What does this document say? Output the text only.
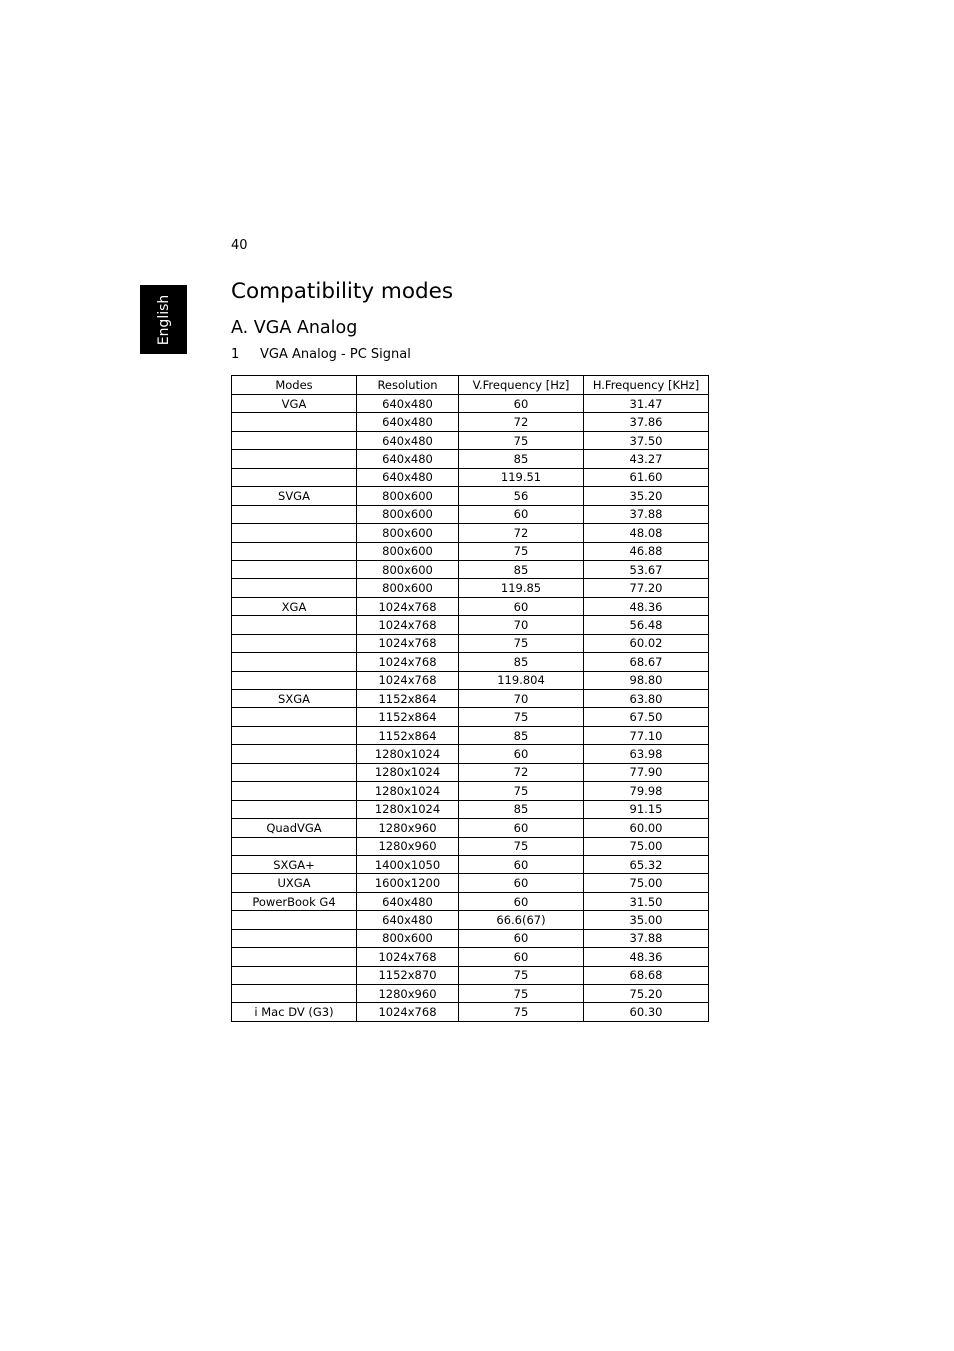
40
English
Compatibility modes
A. VGA Analog
1 VGA Analog - PC Signal
Modes	Resolution	V.Frequency [Hz]	H.Frequency [KHz]
VGA	640x480	60	31.47
	640x480	72	37.86
	640x480	75	37.50
	640x480	85	43.27
	640x480	119.51	61.60
SVGA	800x600	56	35.20
	800x600	60	37.88
	800x600	72	48.08
	800x600	75	46.88
	800x600	85	53.67
	800x600	119.85	77.20
XGA	1024x768	60	48.36
	1024x768	70	56.48
	1024x768	75	60.02
	1024x768	85	68.67
	1024x768	119.804	98.80
SXGA	1152x864	70	63.80
	1152x864	75	67.50
	1152x864	85	77.10
	1280x1024	60	63.98
	1280x1024	72	77.90
	1280x1024	75	79.98
	1280x1024	85	91.15
QuadVGA	1280x960	60	60.00
	1280x960	75	75.00
SXGA+	1400x1050	60	65.32
UXGA	1600x1200	60	75.00
PowerBook G4	640x480	60	31.50
	640x480	66.6(67)	35.00
	800x600	60	37.88
	1024x768	60	48.36
	1152x870	75	68.68
	1280x960	75	75.20
i Mac DV (G3)	1024x768	75	60.30
